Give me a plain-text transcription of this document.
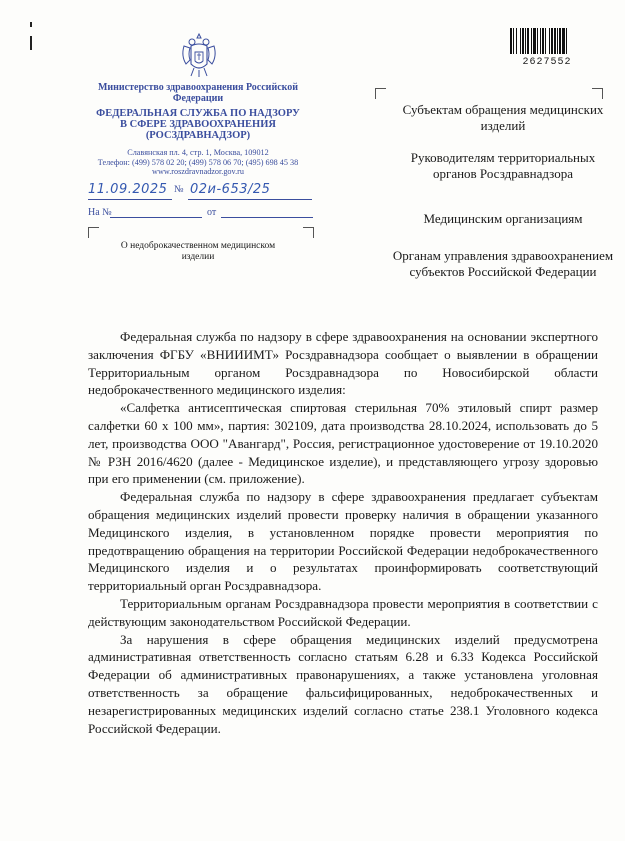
2627552
Министерство здравоохранения Российской Федерации
ФЕДЕРАЛЬНАЯ СЛУЖБА ПО НАДЗОРУ
В СФЕРЕ ЗДРАВООХРАНЕНИЯ
(РОСЗДРАВНАДЗОР)
Славянская пл. 4, стр. 1, Москва, 109012
Телефон: (499) 578 02 20; (499) 578 06 70; (495) 698 45 38
www.roszdravnadzor.gov.ru
11.09.2025 № 02и-653/25
На №	от
О недоброкачественном медицинском изделии
Субъектам обращения медицинских изделий
Руководителям территориальных органов Росздравнадзора
Медицинским организациям
Органам управления здравоохранением субъектов Российской Федерации

Федеральная служба по надзору в сфере здравоохранения на основании экспертного заключения ФГБУ «ВНИИИМТ» Росздравнадзора сообщает о выявлении в обращении Территориальным органом Росздравнадзора по Новосибирской области недоброкачественного медицинского изделия:

«Салфетка антисептическая спиртовая стерильная 70% этиловый спирт размер салфетки 60 х 100 мм», партия: 302109, дата производства 28.10.2024, использовать до 5 лет, производства ООО "Авангард", Россия, регистрационное удостоверение от 19.10.2020 № РЗН 2016/4620 (далее - Медицинское изделие), и представляющего угрозу здоровью при его применении (см. приложение).

Федеральная служба по надзору в сфере здравоохранения предлагает субъектам обращения медицинских изделий провести проверку наличия в обращении указанного Медицинского изделия, в установленном порядке провести мероприятия по предотвращению обращения на территории Российской Федерации недоброкачественного Медицинского изделия и о результатах проинформировать соответствующий территориальный орган Росздравнадзора.

Территориальным органам Росздравнадзора провести мероприятия в соответствии с действующим законодательством Российской Федерации.

За нарушения в сфере обращения медицинских изделий предусмотрена административная ответственность согласно статьям 6.28 и 6.33 Кодекса Российской Федерации об административных правонарушениях, а также установлена уголовная ответственность за обращение фальсифицированных, недоброкачественных и незарегистрированных медицинских изделий согласно статье 238.1 Уголовного кодекса Российской Федерации.
